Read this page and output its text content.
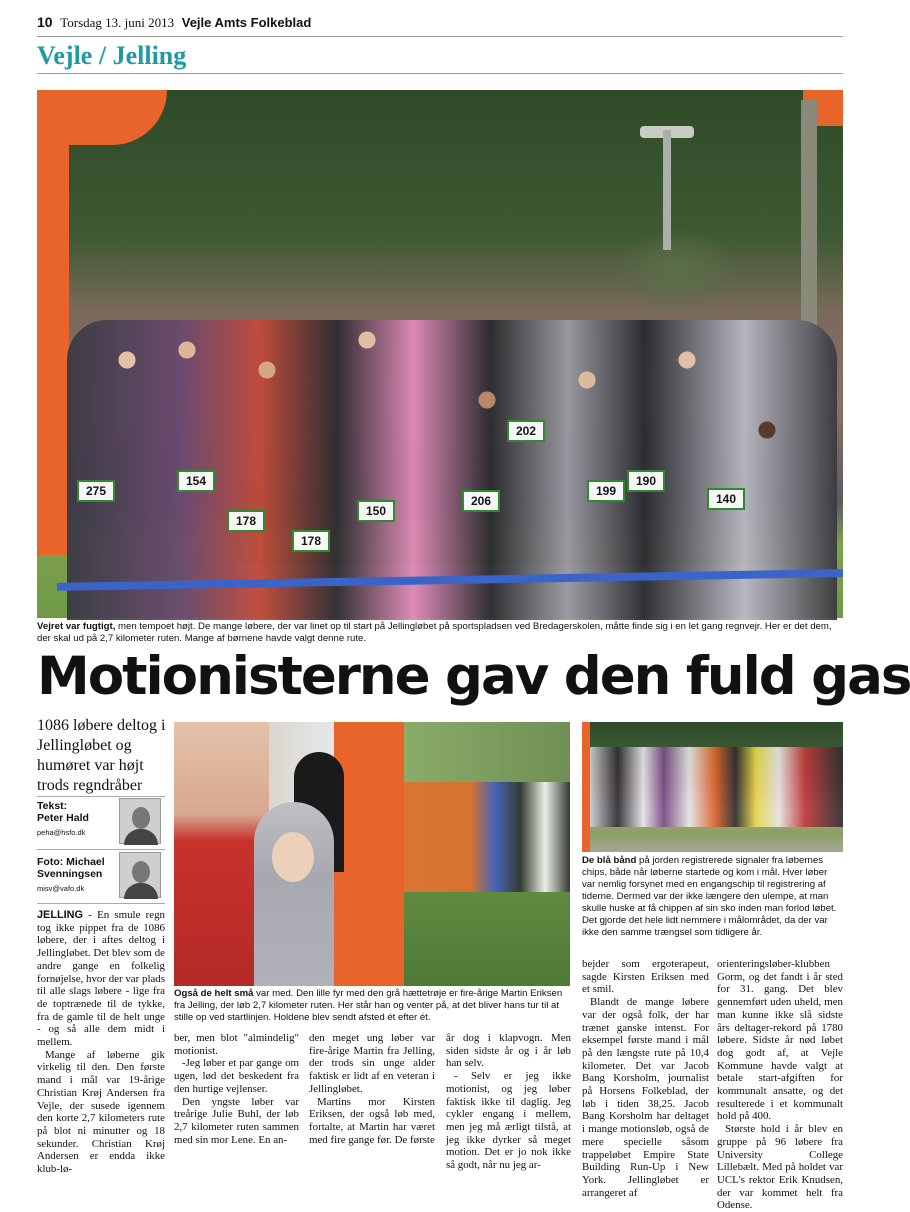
10 Torsdag 13. juni 2013 Vejle Amts Folkeblad
Vejle / Jelling
275
154
178
178
150
206
202
199
190
140
Vejret var fugtigt, men tempoet højt. De mange løbere, der var linet op til start på Jellingløbet på sportspladsen ved Bredagerskolen, måtte finde sig i en let gang regnvejr. Her er det dem, der skal ud på 2,7 kilometer ruten. Mange af børnene havde valgt denne rute.
Motionisterne gav den fuld gas
1086 løbere deltog i Jellingløbet og humøret var højt trods regndråber
Tekst:
Peter Hald
peha@hsfo.dk
Foto: Michael
Svenningsen
misv@vafo.dk

JELLING - En smule regn tog ikke pippet fra de 1086 løbere, der i aftes deltog i Jellingløbet. Det blev som de andre gange en folkelig fornøjelse, hvor der var plads til alle slags løbere - lige fra de toptrænede til de tykke, fra de gamle til de helt unge - og så alle dem midt i mellem.

Mange af løberne gik virkelig til den. Den første mand i mål var 19-årige Christian Krøj Andersen fra Vejle, der susede igennem den korte 2,7 kilometers rute på blot ni minutter og 18 sekunder. Christian Krøj Andersen er endda ikke klub-lø-

Også de helt små var med. Den lille fyr med den grå hættetrøje er fire-årige Martin Eriksen fra Jelling, der løb 2,7 kilometer ruten. Her står han og venter på, at det bliver hans tur til at stille op ved startlinjen. Holdene blev sendt afsted ét efter ét.

ber, men blot "almindelig" motionist.

-Jeg løber et par gange om ugen, lød det beskedent fra den hurtige vejlenser.

Den yngste løber var treårige Julie Buhl, der løb 2,7 kilometer ruten sammen med sin mor Lene. En an-

den meget ung løber var fire-årige Martin fra Jelling, der trods sin unge alder faktisk er lidt af en veteran i Jellingløbet.

Martins mor Kirsten Eriksen, der også løb med, fortalte, at Martin har været med fire gange før. De første

år dog i klapvogn. Men siden sidste år og i år løb han selv.

- Selv er jeg ikke motionist, og jeg løber faktisk ikke til daglig. Jeg cykler engang i mellem, men jeg må ærligt tilstå, at jeg ikke dyrker så meget motion. Det er jo nok ikke så godt, når nu jeg ar-

De blå bånd på jorden registrerede signaler fra løbernes chips, både når løberne startede og kom i mål. Hver løber var nemlig forsynet med en engangschip til registrering af tiderne. Dermed var der ikke længere den ulempe, at man skulle huske at få chippen af sin sko inden man forlod løbet. Det gjorde det hele lidt nemmere i målområdet, da der var ikke den samme trængsel som tidligere år.

bejder som ergoterapeut, sagde Kirsten Eriksen med et smil.

Blandt de mange løbere var der også folk, der har trænet ganske intenst. For eksempel første mand i mål på den længste rute på 10,4 kilometer. Det var Jacob Bang Korsholm, journalist på Horsens Folkeblad, der løb i tiden 38,25. Jacob Bang Korsholm har deltaget i mange motionsløb, også de mere specielle såsom trappeløbet Empire State Building Run-Up i New York. Jellingløbet er arrangeret af

orienteringsløber-klubben Gorm, og det fandt i år sted for 31. gang. Det blev gennemført uden uheld, men man kunne ikke slå sidste års deltager-rekord på 1780 løbere. Sidste år nød løbet dog godt af, at Vejle Kommune havde valgt at betale start-afgiften for kommunalt ansatte, og det resulterede i et kommunalt hold på 400.

Største hold i år blev en gruppe på 96 løbere fra University College Lillebælt. Med på holdet var UCL's rektor Erik Knudsen, der var kommet helt fra Odense.
